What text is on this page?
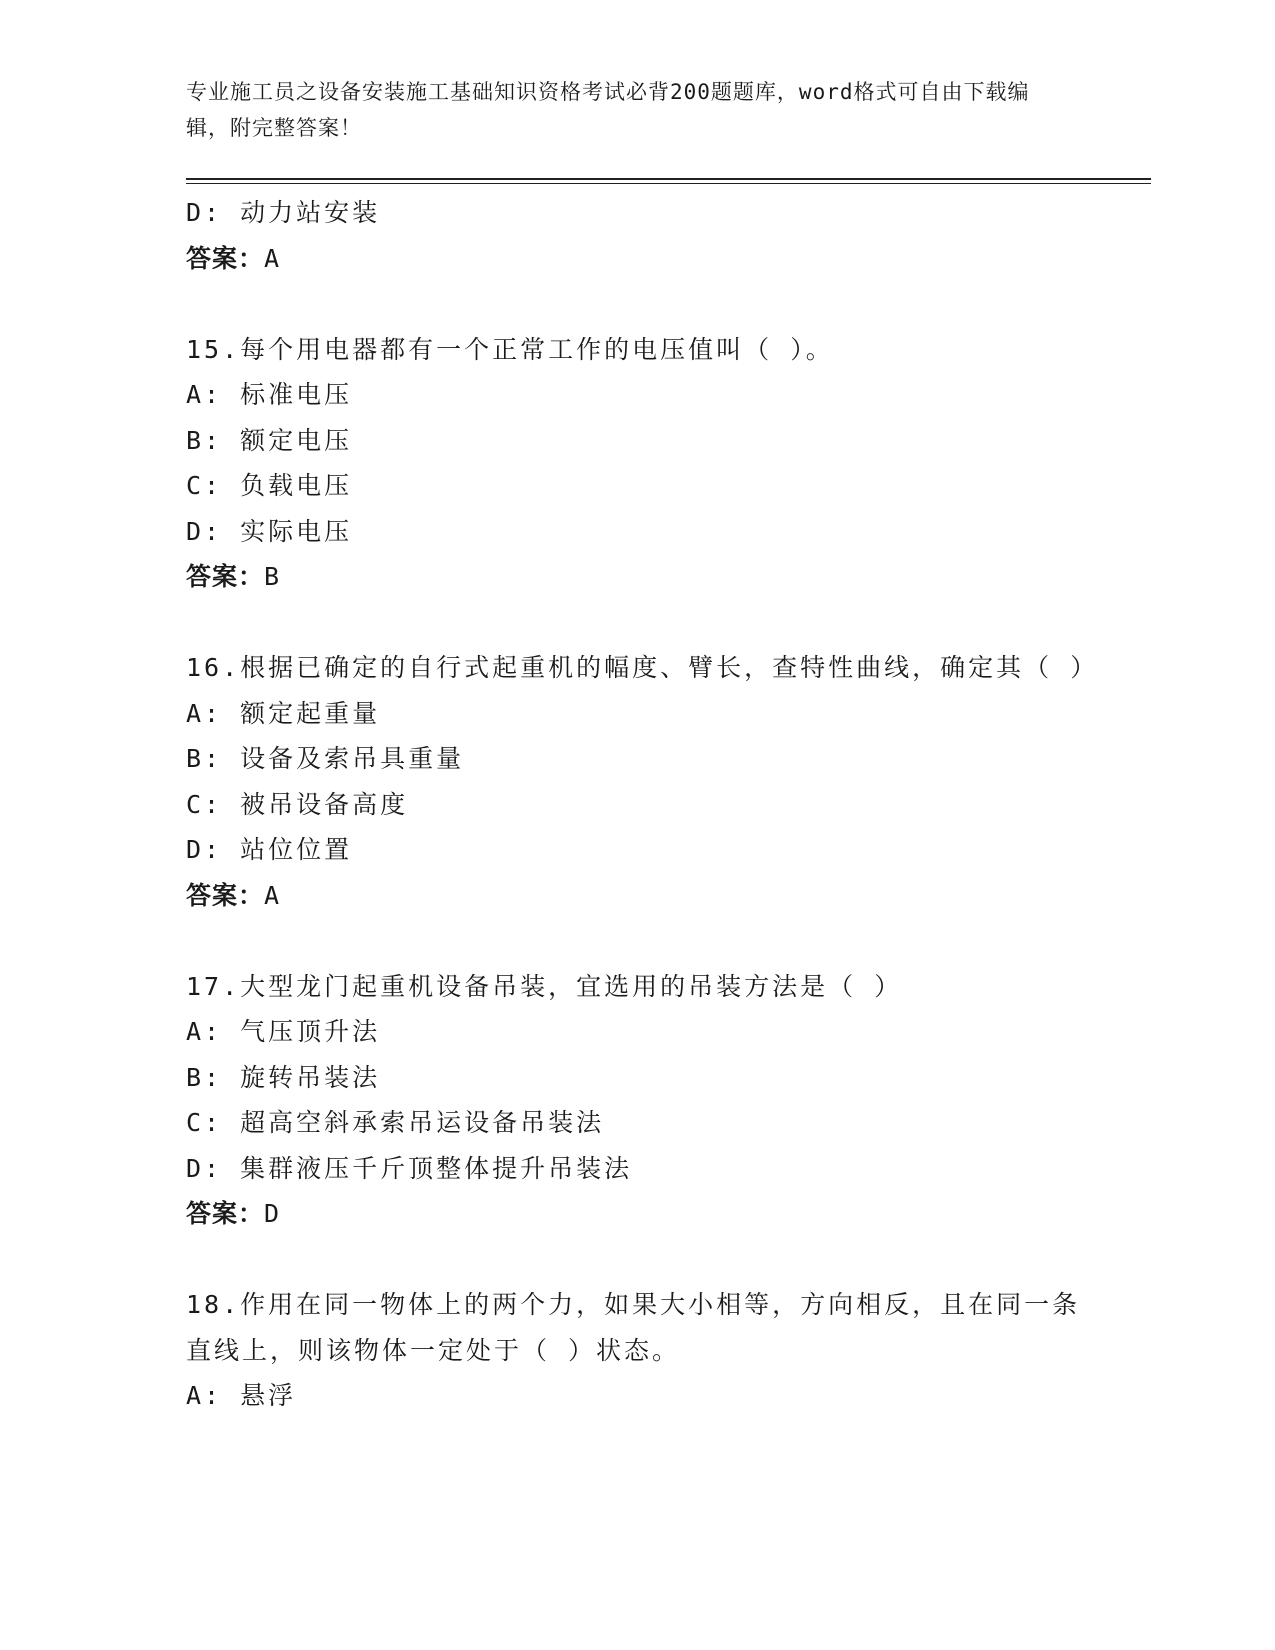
专业施工员之设备安装施工基础知识资格考试必背200题题库，word格式可自由下载编辑，附完整答案！
D: 动力站安装
答案：A
15.每个用电器都有一个正常工作的电压值叫（ ）。
A: 标准电压
B: 额定电压
C: 负载电压
D: 实际电压
答案：B
16.根据已确定的自行式起重机的幅度、臂长，查特性曲线，确定其（ ）
A: 额定起重量
B: 设备及索吊具重量
C: 被吊设备高度
D: 站位位置
答案：A
17.大型龙门起重机设备吊装，宜选用的吊装方法是（ ）
A: 气压顶升法
B: 旋转吊装法
C: 超高空斜承索吊运设备吊装法
D: 集群液压千斤顶整体提升吊装法
答案：D
18.作用在同一物体上的两个力，如果大小相等，方向相反，且在同一条直线上，则该物体一定处于（ ）状态。
A: 悬浮
